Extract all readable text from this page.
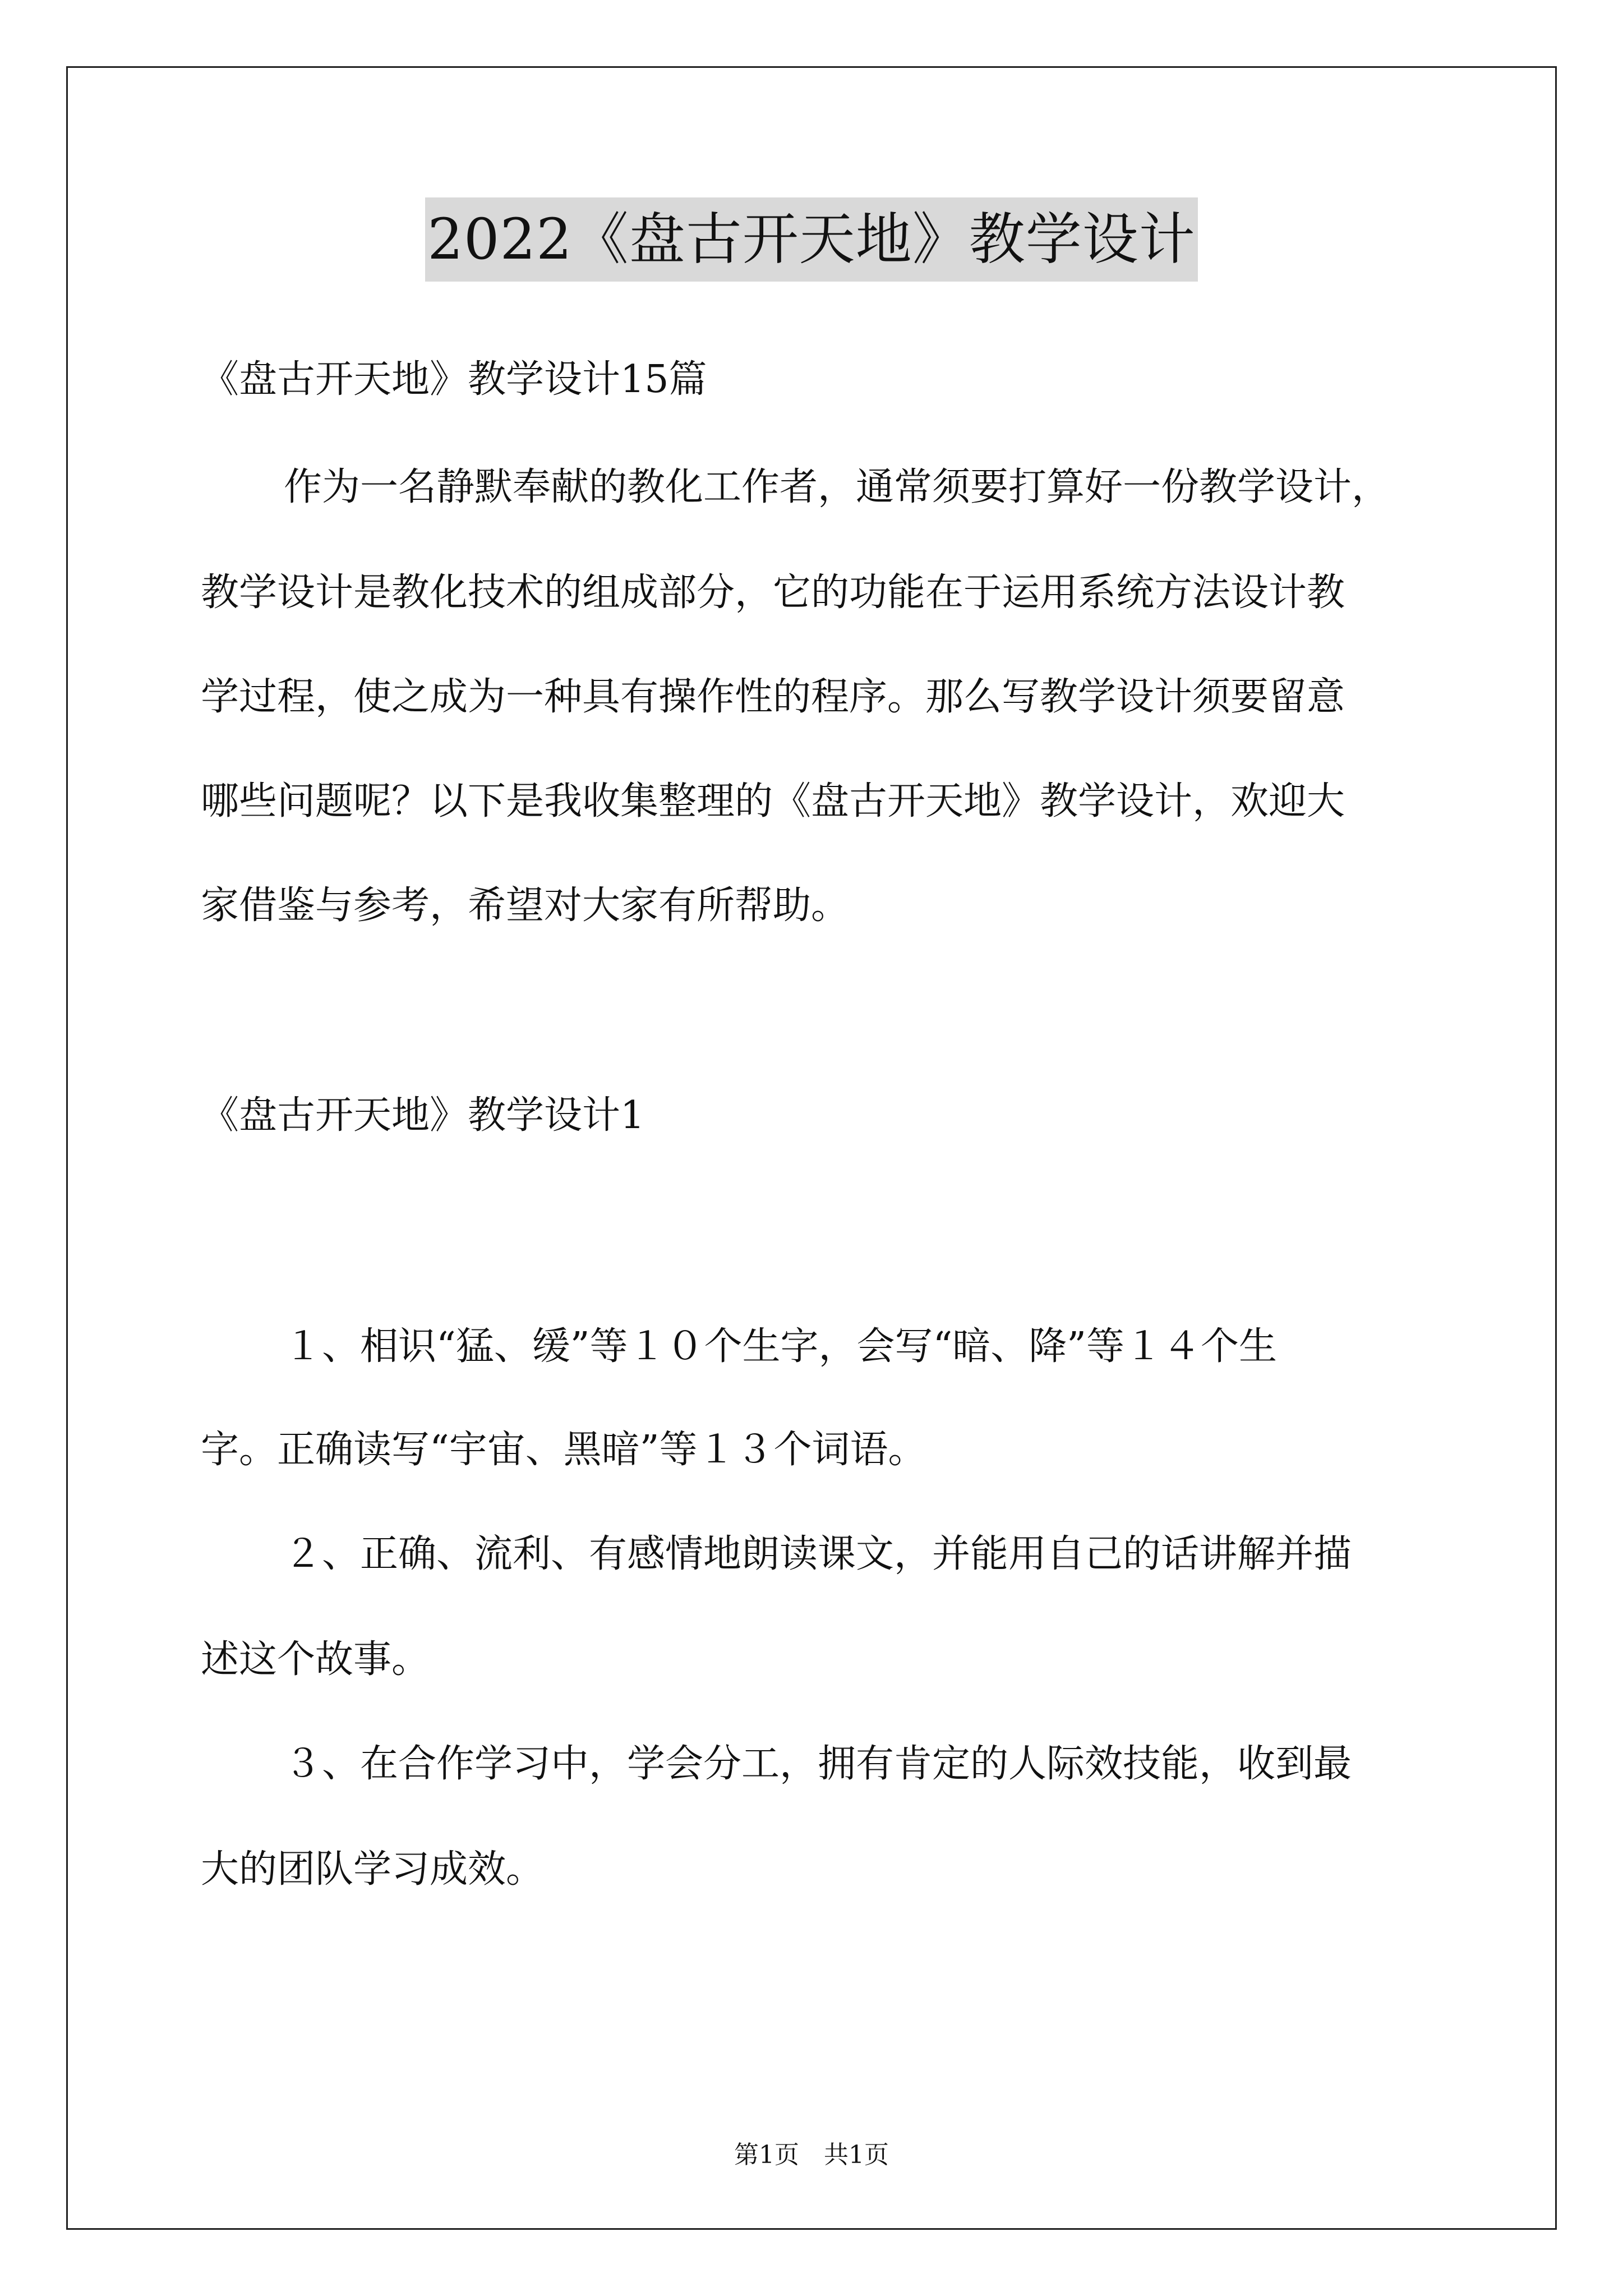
2022《盘古开天地》教学设计

《盘古开天地》教学设计15篇

作为一名静默奉献的教化工作者，通常须要打算好一份教学设计，

教学设计是教化技术的组成部分，它的功能在于运用系统方法设计教

学过程，使之成为一种具有操作性的程序。那么写教学设计须要留意

哪些问题呢？以下是我收集整理的《盘古开天地》教学设计，欢迎大

家借鉴与参考，希望对大家有所帮助。

《盘古开天地》教学设计1

１、相识“猛、缓”等１０个生字，会写“暗、降”等１４个生

字。正确读写“宇宙、黑暗”等１３个词语。

２、正确、流利、有感情地朗读课文，并能用自己的话讲解并描

述这个故事。

３、在合作学习中，学会分工，拥有肯定的人际效技能，收到最

大的团队学习成效。

第1页　共1页
